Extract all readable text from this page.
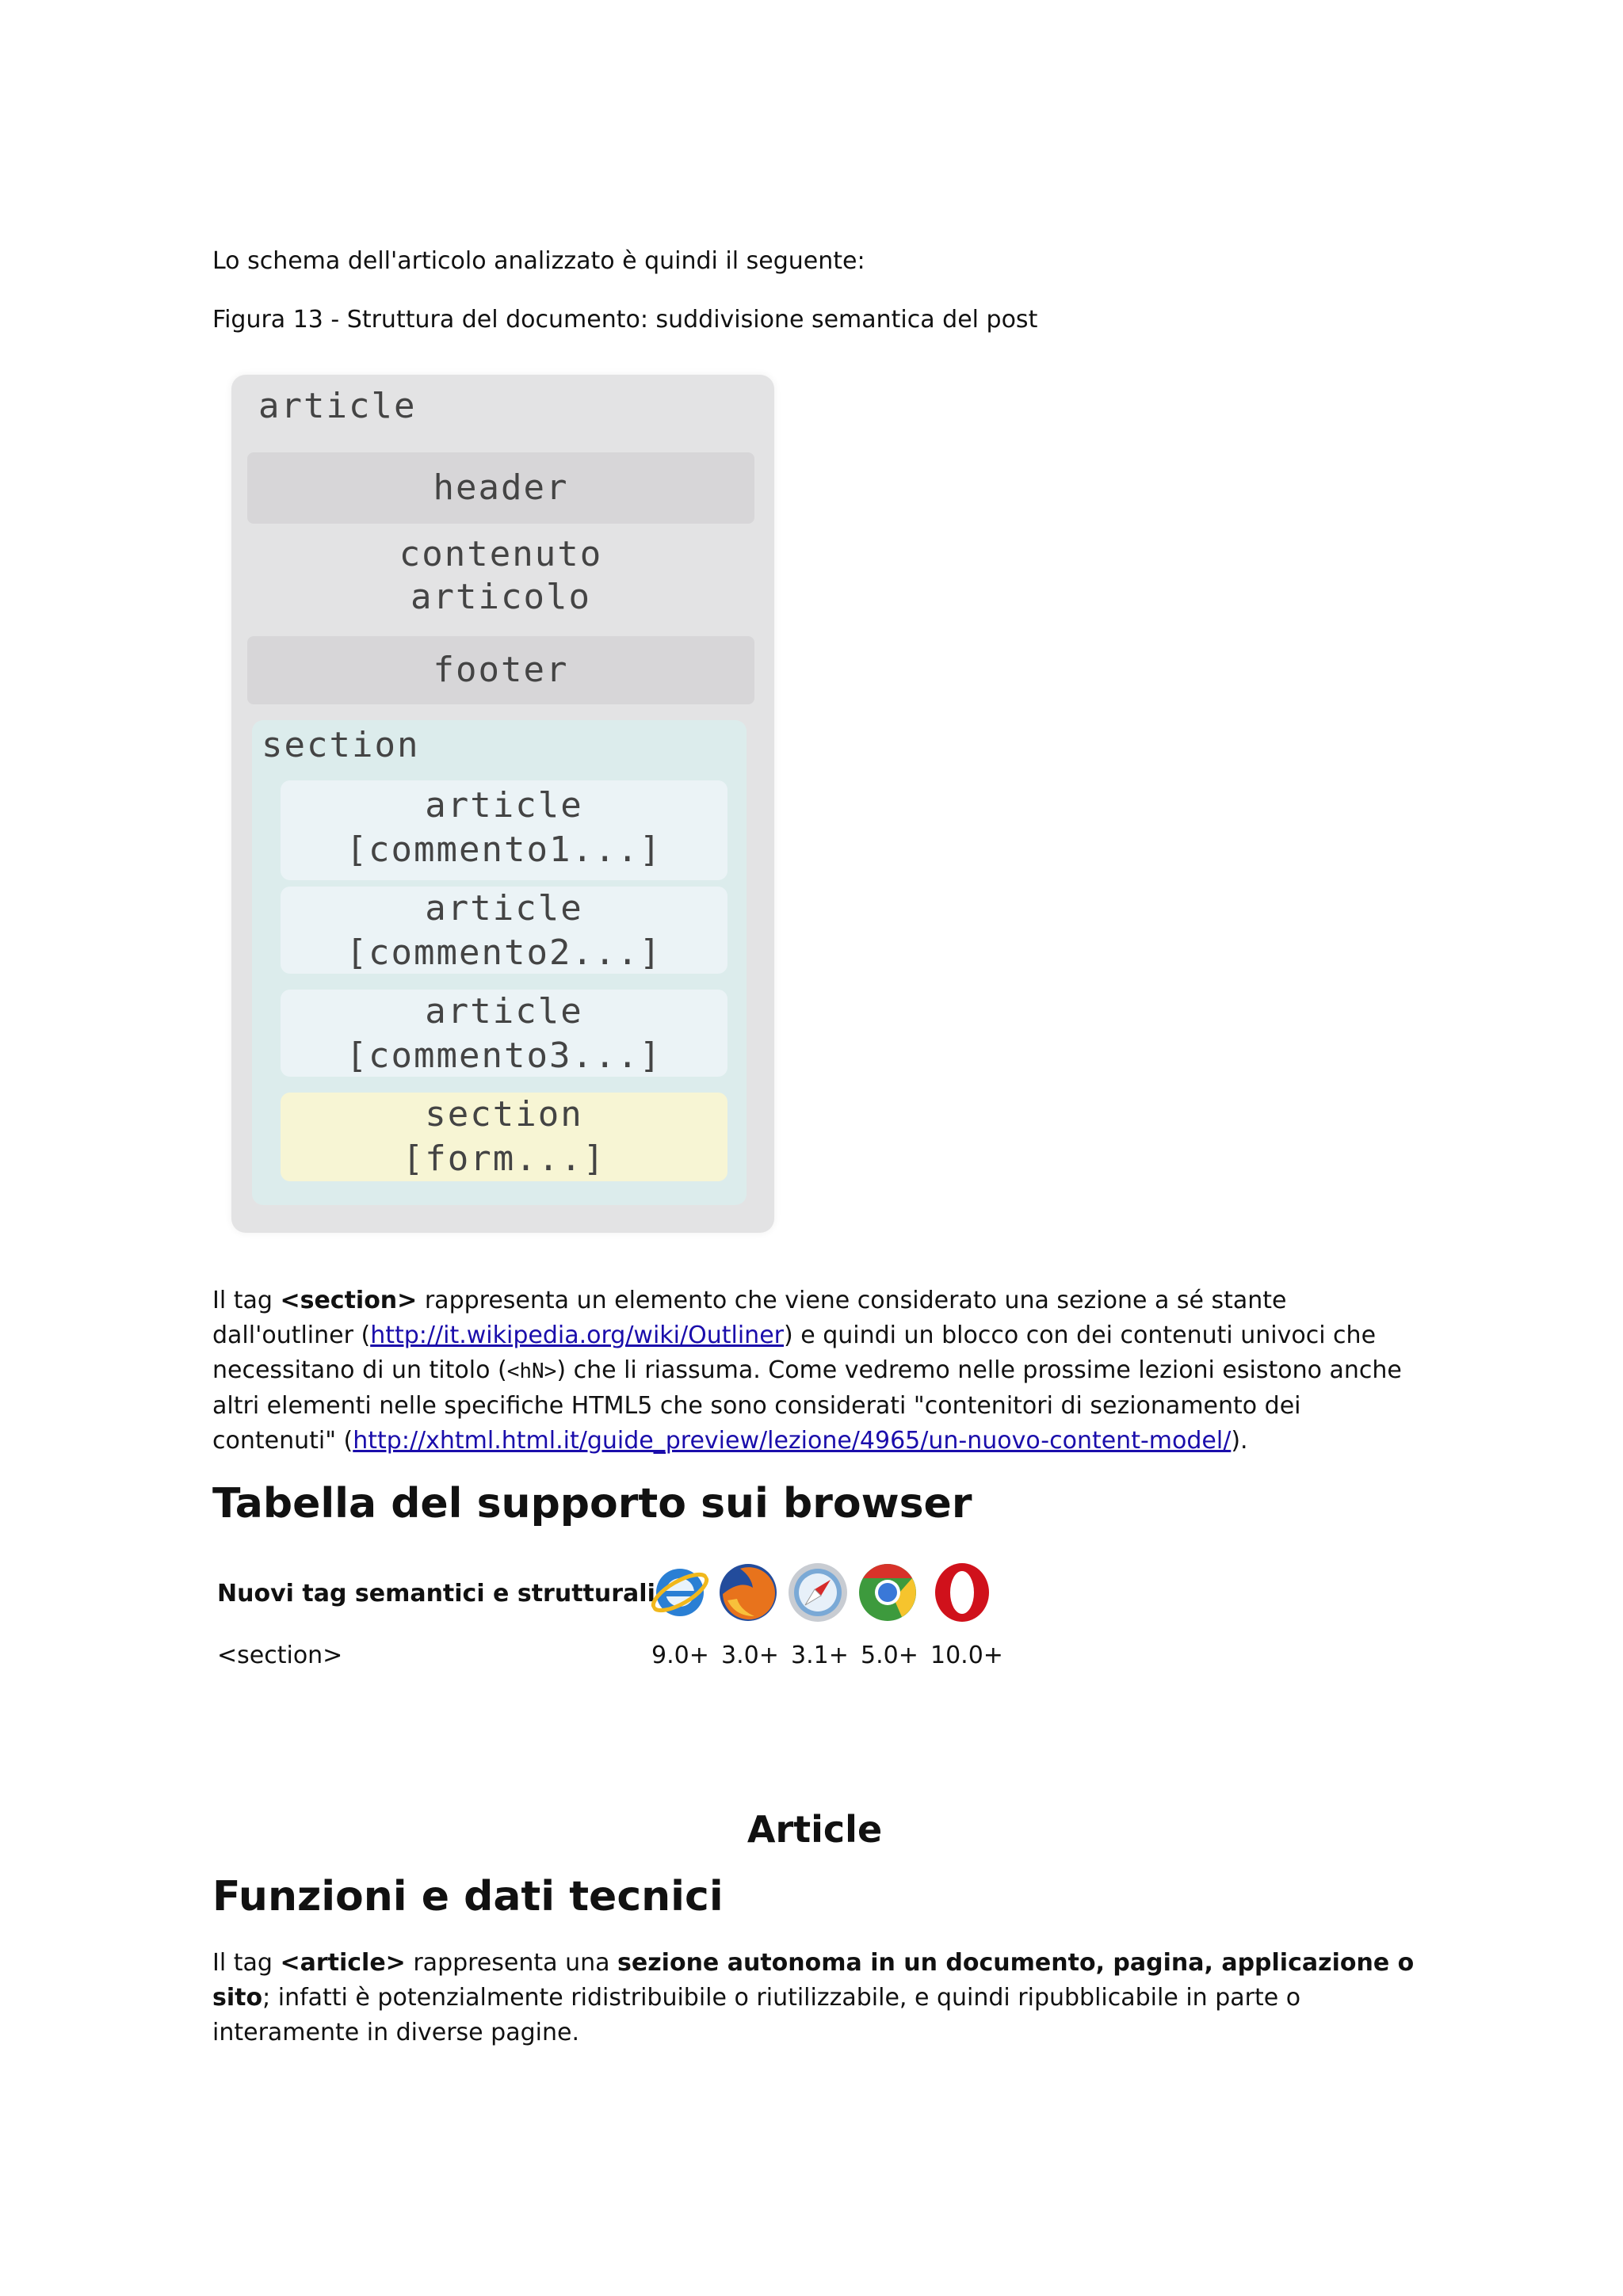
Lo schema dell'articolo analizzato è quindi il seguente:

Figura 13 - Struttura del documento: suddivisione semantica del post

article
header
contenuto
articolo
footer
section
article
[commento1...]
article
[commento2...]
article
[commento3...]
section
[form...]

Il tag <section> rappresenta un elemento che viene considerato una sezione a sé stante dall'outliner (http://it.wikipedia.org/wiki/Outliner) e quindi un blocco con dei contenuti univoci che necessitano di un titolo (<hN>) che li riassuma. Come vedremo nelle prossime lezioni esistono anche altri elementi nelle specifiche HTML5 che sono considerati "contenitori di sezionamento dei contenuti" (http://xhtml.html.it/guide_preview/lezione/4965/un-nuovo-content-model/).

Tabella del supporto sui browser
Nuovi tag semantici e strutturali
<section>	9.0+ 3.0+ 3.1+ 5.0+ 10.0+
Article
Funzioni e dati tecnici

Il tag <article> rappresenta una sezione autonoma in un documento, pagina, applicazione o sito; infatti è potenzialmente ridistribuibile o riutilizzabile, e quindi ripubblicabile in parte o interamente in diverse pagine.
